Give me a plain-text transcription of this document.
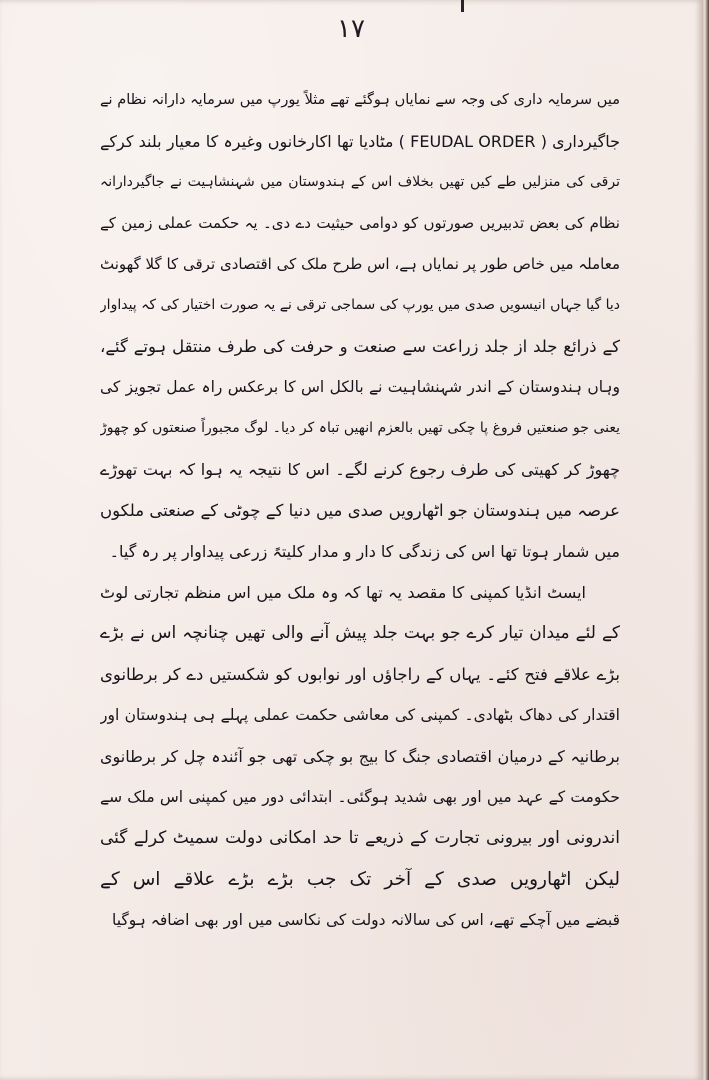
۱۷
میں سرمایہ داری کی وجہ سے نمایاں ہوگئے تھے مثلاً یورپ میں سرمایہ دارانہ نظام نے
جاگیرداری ( FEUDAL ORDER ) مٹادیا تھا اکارخانوں وغیرہ کا معیار بلند کرکے
ترقی کی منزلیں طے کیں تھیں بخلاف اس کے ہندوستان میں شہنشاہیت نے جاگیردارانہ
نظام کی بعض تدبیریں صورتوں کو دوامی حیثیت دے دی۔ یہ حکمت عملی زمین کے
معاملہ میں خاص طور پر نمایاں ہے، اس طرح ملک کی اقتصادی ترقی کا گلا گھونٹ
دیا گیا جہاں انیسویں صدی میں یورپ کی سماجی ترقی نے یہ صورت اختیار کی کہ پیداوار
کے ذرائع جلد از جلد زراعت سے صنعت و حرفت کی طرف منتقل ہوتے گئے،
وہاں ہندوستان کے اندر شہنشاہیت نے بالکل اس کا برعکس راہ عمل تجویز کی
یعنی جو صنعتیں فروغ پا چکی تھیں بالعزم انھیں تباہ کر دیا۔ لوگ مجبوراً صنعتوں کو چھوڑ
چھوڑ کر کھیتی کی طرف رجوع کرنے لگے۔ اس کا نتیجہ یہ ہوا کہ بہت تھوڑے
عرصہ میں ہندوستان جو اٹھارویں صدی میں دنیا کے چوٹی کے صنعتی ملکوں
میں شمار ہوتا تھا اس کی زندگی کا دار و مدار کلیتہً زرعی پیداوار پر رہ گیا۔
ایسٹ انڈیا کمپنی کا مقصد یہ تھا کہ وہ ملک میں اس منظم تجارتی لوٹ
کے لئے میدان تیار کرے جو بہت جلد پیش آنے والی تھیں چنانچہ اس نے بڑے
بڑے علاقے فتح کئے۔ یہاں کے راجاؤں اور نوابوں کو شکستیں دے کر برطانوی
اقتدار کی دھاک بٹھادی۔ کمپنی کی معاشی حکمت عملی پہلے ہی ہندوستان اور
برطانیہ کے درمیان اقتصادی جنگ کا بیج بو چکی تھی جو آئندہ چل کر برطانوی
حکومت کے عہد میں اور بھی شدید ہوگئی۔ ابتدائی دور میں کمپنی اس ملک سے
اندرونی اور بیرونی تجارت کے ذریعے تا حد امکانی دولت سمیٹ کرلے گئی
لیکن اٹھارویں صدی کے آخر تک جب بڑے بڑے علاقے اس کے
قبضے میں آچکے تھے، اس کی سالانہ دولت کی نکاسی میں اور بھی اضافہ ہوگیا
